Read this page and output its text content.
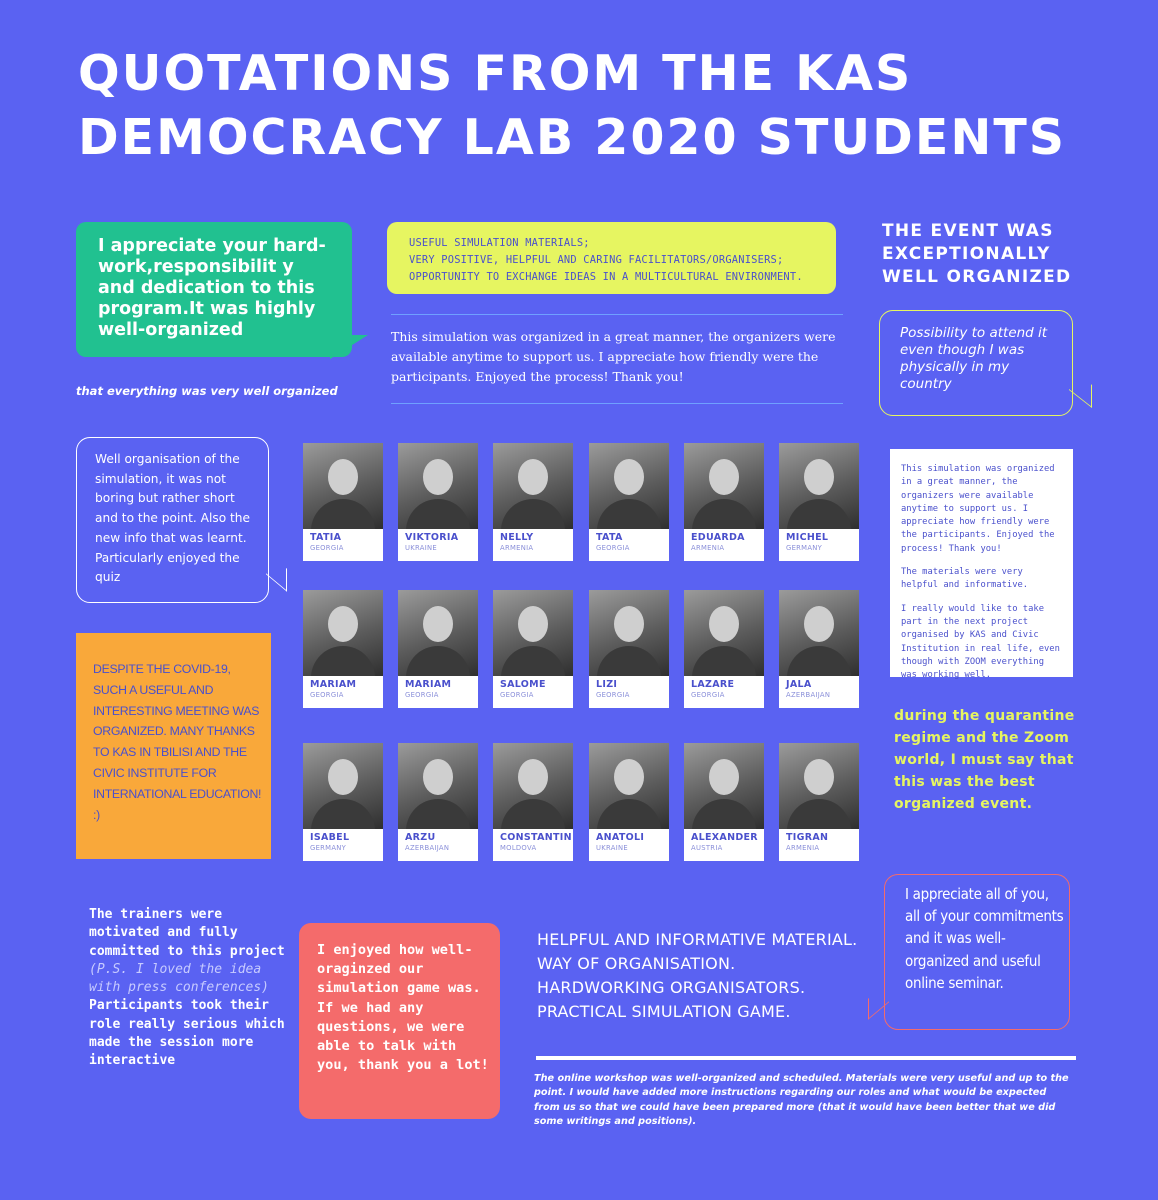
QUOTATIONS FROM THE KAS DEMOCRACY LAB 2020 STUDENTS
I appreciate your hard-work,responsibilit y and dedication to this program.It was highly well-organized
that everything was very well organized
USEFUL SIMULATION MATERIALS;
VERY POSITIVE, HELPFUL AND CARING FACILITATORS/ORGANISERS;
OPPORTUNITY TO EXCHANGE IDEAS IN A MULTICULTURAL ENVIRONMENT.
This simulation was organized in a great manner, the organizers were available anytime to support us. I appreciate how friendly were the participants. Enjoyed the process! Thank you!
THE EVENT WAS EXCEPTIONALLY WELL ORGANIZED
Possibility to attend it even though I was physically in my country
Well organisation of the simulation, it was not boring but rather short and to the point. Also the new info that was learnt. Particularly enjoyed the quiz
DESPITE THE COVID-19, SUCH A USEFUL AND INTERESTING MEETING WAS ORGANIZED. MANY THANKS TO KAS IN TBILISI AND THE CIVIC INSTITUTE FOR INTERNATIONAL EDUCATION! :)
TATIA
GEORGIA
VIKTORIA
UKRAINE
NELLY
ARMENIA
TATA
GEORGIA
EDUARDA
ARMENIA
MICHEL
GERMANY
MARIAM
GEORGIA
MARIAM
GEORGIA
SALOME
GEORGIA
LIZI
GEORGIA
LAZARE
GEORGIA
JALA
AZERBAIJAN
ISABEL
GERMANY
ARZU
AZERBAIJAN
CONSTANTIN
MOLDOVA
ANATOLI
UKRAINE
ALEXANDER
AUSTRIA
TIGRAN
ARMENIA

This simulation was organized in a great manner, the organizers were available anytime to support us. I appreciate how friendly were the participants. Enjoyed the process! Thank you!

The materials were very helpful and informative.

I really would like to take part in the next project organised by KAS and Civic Institution in real life, even though with ZOOM everything was working well.

during the quarantine regime and the Zoom world, I must say that this was the best organized event.
The trainers were motivated and fully committed to this project (P.S. I loved the idea with press conferences) Participants took their role really serious which made the session more interactive
I enjoyed how well-oraginzed our simulation game was. If we had any questions, we were able to talk with you, thank you a lot!
HELPFUL AND INFORMATIVE MATERIAL. WAY OF ORGANISATION. HARDWORKING ORGANISATORS. PRACTICAL SIMULATION GAME.
The online workshop was well-organized and scheduled. Materials were very useful and up to the point. I would have added more instructions regarding our roles and what would be expected from us so that we could have been prepared more (that it would have been better that we did some writings and positions).
I appreciate all of you, all of your commitments and it was well-organized and useful online seminar.
